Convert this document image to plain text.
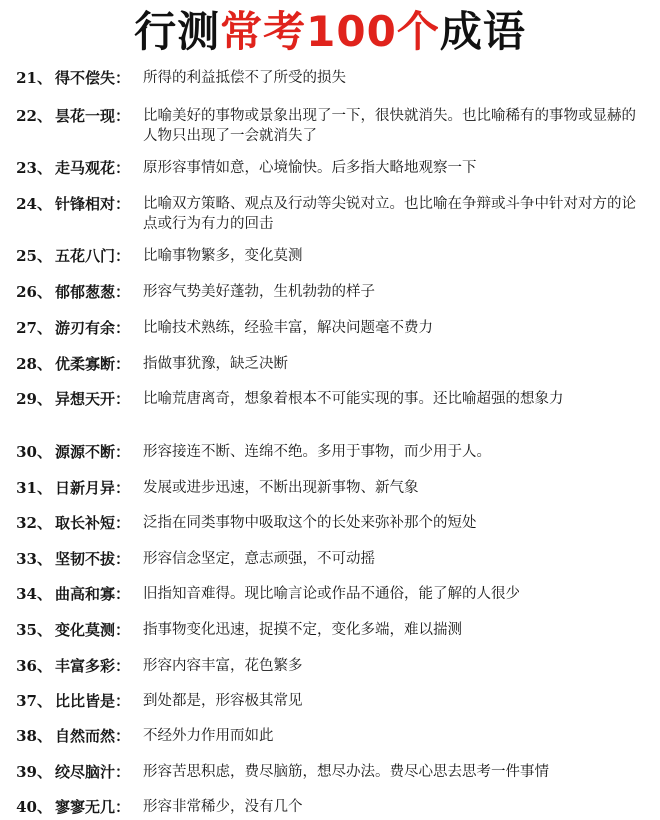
行测常考100个成语
21、 得不偿失： 所得的利益抵偿不了所受的损失
22、 昙花一现： 比喻美好的事物或景象出现了一下，很快就消失。也比喻稀有的事物或显赫的人物只出现了一会就消失了
23、 走马观花： 原形容事情如意，心境愉快。后多指大略地观察一下
24、 针锋相对： 比喻双方策略、观点及行动等尖锐对立。也比喻在争辩或斗争中针对对方的论点或行为有力的回击
25、 五花八门： 比喻事物繁多，变化莫测
26、 郁郁葱葱： 形容气势美好蓬勃，生机勃勃的样子
27、 游刃有余： 比喻技术熟练，经验丰富，解决问题毫不费力
28、 优柔寡断： 指做事犹豫，缺乏决断
29、 异想天开： 比喻荒唐离奇，想象着根本不可能实现的事。还比喻超强的想象力
30、 源源不断： 形容接连不断、连绵不绝。多用于事物，而少用于人。
31、 日新月异： 发展或进步迅速，不断出现新事物、新气象
32、 取长补短： 泛指在同类事物中吸取这个的长处来弥补那个的短处
33、 坚韧不拔： 形容信念坚定，意志顽强，不可动摇
34、 曲高和寡： 旧指知音难得。现比喻言论或作品不通俗，能了解的人很少
35、 变化莫测： 指事物变化迅速，捉摸不定，变化多端，难以揣测
36、 丰富多彩： 形容内容丰富，花色繁多
37、 比比皆是： 到处都是，形容极其常见
38、 自然而然： 不经外力作用而如此
39、 绞尽脑汁： 形容苦思积虑，费尽脑筋，想尽办法。费尽心思去思考一件事情
40、 寥寥无几： 形容非常稀少，没有几个
